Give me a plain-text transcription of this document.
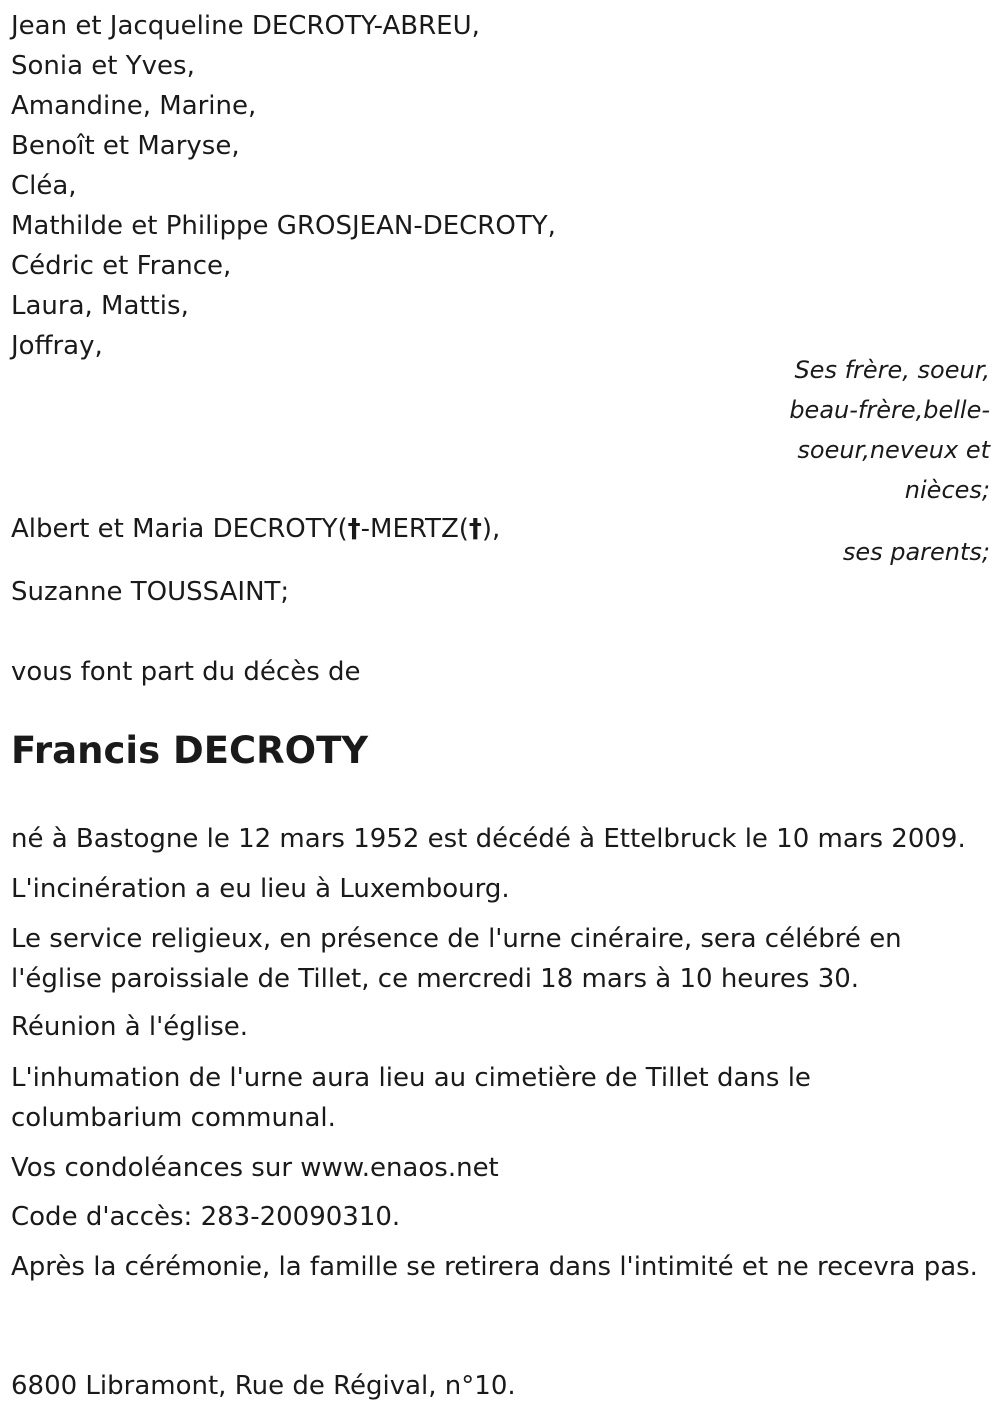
Jean et Jacqueline DECROTY-ABREU,
Sonia et Yves,
Amandine, Marine,
Benoît et Maryse,
Cléa,
Mathilde et Philippe GROSJEAN-DECROTY,
Cédric et France,
Laura, Mattis,
Joffray,
Ses frère, soeur, beau-frère,belle-soeur,neveux et nièces;
Albert et Maria DECROTY(†-MERTZ(†),
ses parents;
Suzanne TOUSSAINT;
vous font part du décès de
Francis DECROTY
né à Bastogne le 12 mars 1952 est décédé à Ettelbruck le 10 mars 2009.
L'incinération a eu lieu à Luxembourg.
Le service religieux, en présence de l'urne cinéraire, sera célébré en l'église paroissiale de Tillet, ce mercredi 18 mars à 10 heures 30.
Réunion à l'église.
L'inhumation de l'urne aura lieu au cimetière de Tillet dans le columbarium communal.
Vos condoléances sur www.enaos.net
Code d'accès: 283-20090310.
Après la cérémonie, la famille se retirera dans l'intimité et ne recevra pas.
6800 Libramont, Rue de Régival, n°10.
